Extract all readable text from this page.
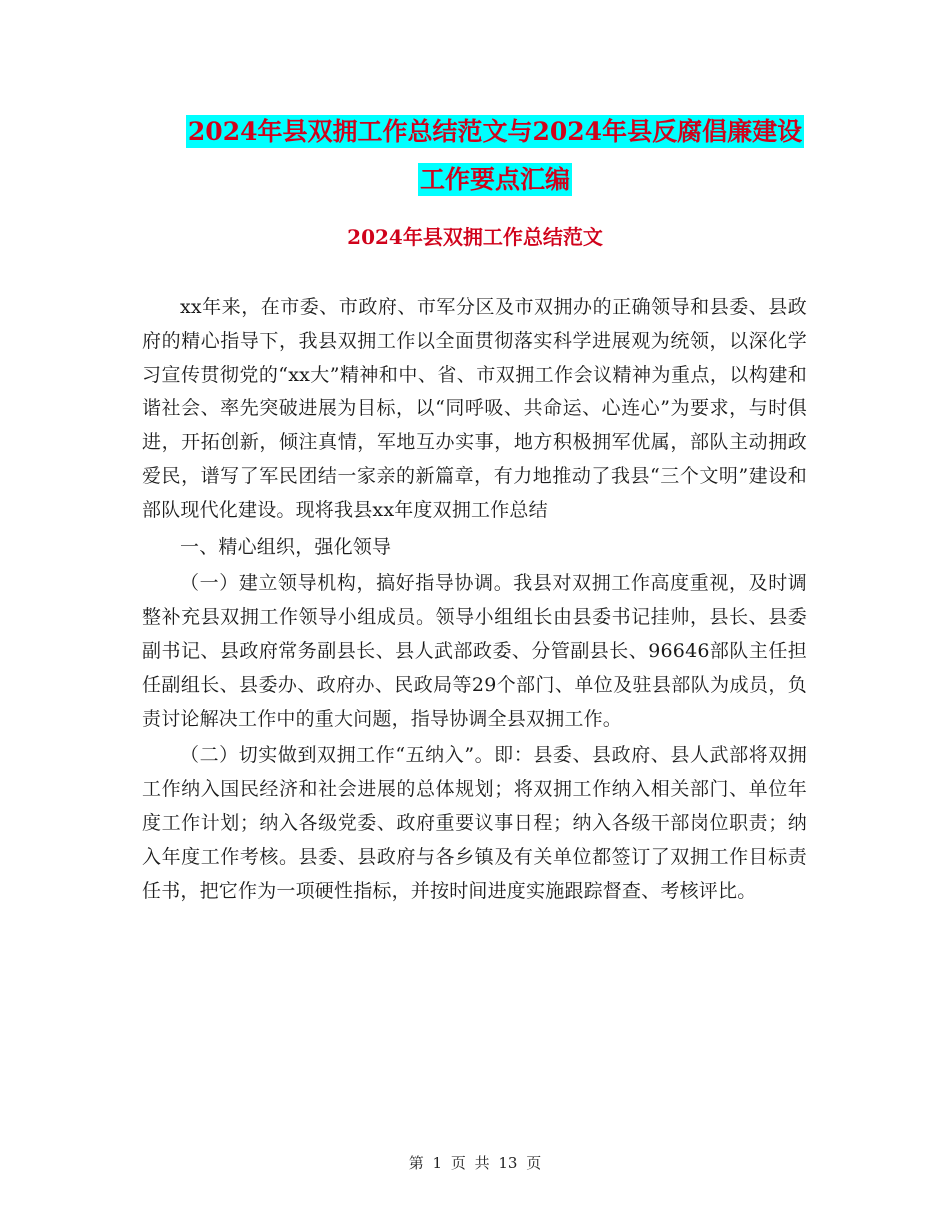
2024年县双拥工作总结范文与2024年县反腐倡廉建设
工作要点汇编
2024年县双拥工作总结范文

xx年来，在市委、市政府、市军分区及市双拥办的正确领导和县委、县政府的精心指导下，我县双拥工作以全面贯彻落实科学进展观为统领，以深化学习宣传贯彻党的“xx大”精神和中、省、市双拥工作会议精神为重点，以构建和谐社会、率先突破进展为目标，以“同呼吸、共命运、心连心”为要求，与时俱进，开拓创新，倾注真情，军地互办实事，地方积极拥军优属，部队主动拥政爱民，谱写了军民团结一家亲的新篇章，有力地推动了我县“三个文明”建设和部队现代化建设。现将我县xx年度双拥工作总结

一、精心组织，强化领导

（一）建立领导机构，搞好指导协调。我县对双拥工作高度重视，及时调整补充县双拥工作领导小组成员。领导小组组长由县委书记挂帅，县长、县委副书记、县政府常务副县长、县人武部政委、分管副县长、96646部队主任担任副组长、县委办、政府办、民政局等29个部门、单位及驻县部队为成员，负责讨论解决工作中的重大问题，指导协调全县双拥工作。

（二）切实做到双拥工作“五纳入”。即：县委、县政府、县人武部将双拥工作纳入国民经济和社会进展的总体规划；将双拥工作纳入相关部门、单位年度工作计划；纳入各级党委、政府重要议事日程；纳入各级干部岗位职责；纳入年度工作考核。县委、县政府与各乡镇及有关单位都签订了双拥工作目标责任书，把它作为一项硬性指标，并按时间进度实施跟踪督查、考核评比。

第 1 页 共 13 页
